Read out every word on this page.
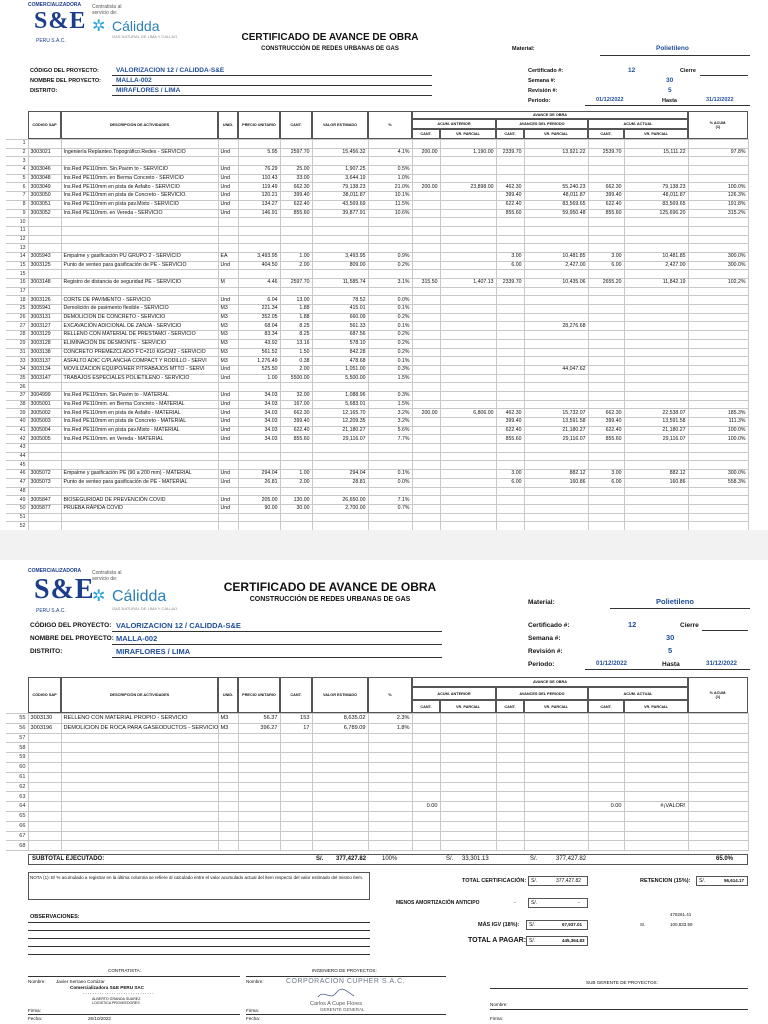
COMERCIALIZADORA
S&E
PERU S.A.C.
Contratista al servicio de:
✲ Cálidda
GAS NATURAL DE LIMA Y CALLAO	CERTIFICADO DE AVANCE DE OBRA
CONSTRUCCIÓN DE REDES URBANAS DE GAS	Material:	Polietileno
CÓDIGO DEL PROYECTO:	VALORIZACION 12 / CALIDDA-S&E
NOMBRE DEL PROYECTO: MALLA-002
DISTRITO:	MIRAFLORES / LIMA
Certificado #:	12	Cierre
Semana #:	30
Revisión #:	5
Periodo:	01/12/2022	Hasta	31/12/2022
CÓDIGO SAP	DESCRIPCIÓN DE ACTIVIDADES	UNID.	PRECIO UNITARIO	CANT.	VALOR ESTIMADO	%
AVANCE DE OBRA
ACUM. ANTERIOR	AVANCES DEL PERIODO	ACUM. ACTUAL
CANT.	VR. PARCIAL	CANT.	VR. PARCIAL	CANT.	VR. PARCIAL
% ACUM.
(1)
1														
2	3003021	Ingeniería Replanteo.Topográfico.Redes - SERVICIO	Und	5.95	2597.70	15,456.32	4.1%	200.00	1,190.00	2339.70	13,921.22	2539.70	15,111.22	97.8%
3														
4	3003046	Ins.Red PE110mm. Sin.Pavim to - SERVICIO	Und	76.29	25.00	1,907.25	0.5%							
5	3003048	Ins.Red PE110mm. en Berma Concreto - SERVICIO	Und	110.43	33.00	3,644.19	1.0%							
6	3003049	Ins.Red PE110mm en pista de Asfalto - SERVICIO	Und	119.49	662.30	79,138.23	21.0%	200.00	23,898.00	462.30	55,240.23	662.30	79,138.23	100.0%
7	3003050	Ins.Red PE110mm en pista de Concreto - SERVICIO.	Und	120.21	399.40	38,011.87	10.1%			399.40	48,011.87	399.40	48,011.87	126.3%
8	3003051	Ins.Red PE110mm en pista pav.Mixto - SERVICIO	Und	134.27	622.40	43,569.69	11.5%			622.40	83,569.65	622.40	83,569.65	191.8%
9	3003052	Ins.Red PE110mm. en Vereda - SERVICIO	Und	146.91	855.60	39,877.91	10.6%			855.60	59,950.48	855.60	125,696.20	315.2%
10														
11														
12														
13														
14	3005943	Empalme y gasificación PU GRUPO 2 - SERVICIO	EA	3,493.95	1.00	3,493.95	0.9%			3.00	10,481.85	3.00	10,481.85	300.0%
15	3003125	Punto de venteo para gasificación de PE - SERVICIO	Und	404.50	2.00	809.00	0.2%			6.00	2,427.00	6.00	2,427.00	300.0%
15														
16	3003148	Registro de distancia de seguridad PE - SERVICIO	M	4.46	2597.70	11,585.74	3.1%	315.50	1,407.13	2339.70	10,435.06	2655.20	11,842.19	102.2%
17														
18	3003126	CORTE DE PAVIMENTO - SERVICIO	Und	6.04	13.00	78.52	0.0%							
25	3005941	Demolición de pavimento flexible - SERVICIO	M3	221.34	1.88	415.01	0.1%							
26	3003131	DEMOLICION DE CONCRETO - SERVICIO	M3	352.05	1.88	660.09	0.2%							
27	3003127	EXCAVACIÓN ADICIONAL DE ZANJA - SERVICIO	M3	68.04	8.25	561.33	0.1%				28,276.68			
28	3003129	RELLENO CON MATERIAL DE PRESTAMO - SERVICIO	M3	83.34	8.25	687.56	0.2%							
29	3003128	ELIMINACIÓN DE DESMONTE - SERVICIO	M3	43.92	13.16	578.10	0.2%							
31	3003138	CONCRETO PREMEZCLADO F'C=210 KG/CM2 - SERVICIO	M3	561.52	1.50	842.28	0.2%							
33	3003137	ASFALTO ADIC C/PLANCHA COMPACT Y RODILLO - SERVI	M3	1,276.49	0.38	478.68	0.1%							
34	3003134	MOVILIZACION EQUIPO/HER P/TRABAJOS MTTO - SERVI	Und	525.50	2.00	1,051.00	0.3%				44,047.62			
35	3003147	TRABAJOS ESPECIALES POLIETILENO - SERVICIO	Und	1.00	5500.00	5,500.00	1.5%							
36														
37	3004999	Ins.Red PE110mm. Sin.Pavim to - MATERIAL	Und	34.03	32.00	1,088.96	0.3%							
38	3005001	Ins.Red PE110mm. en Berma Concreto - MATERIAL	Und	34.03	167.00	5,683.01	1.5%							
39	3005002	Ins.Red PE110mm en pista de Asfalto - MATERIAL	Und	34.03	662.30	12,165.70	3.2%	200.00	6,806.00	462.30	15,732.07	662.30	22,538.07	185.3%
40	3005003	Ins.Red PE110mm en pista de Concreto - MATERIAL	Und	34.03	399.40	12,209.35	3.2%			399.40	13,591.58	399.40	13,591.58	111.3%
41	3005004	Ins.Red PE110mm en pista pav.Mixto - MATERIAL	Und	34.03	622.40	21,180.27	5.6%			622.40	21,180.27	622.40	21,180.27	100.0%
42	3005005	Ins.Red PE110mm. en Vereda - MATERIAL	Und	34.03	855.60	29,116.07	7.7%			855.60	29,116.07	855.60	29,116.07	100.0%
43														
44														
45														
46	3005072	Empalme y gasificación PE (90 a 200 mm) - MATERIAL	Und	294.04	1.00	294.04	0.1%			3.00	882.12	3.00	882.12	300.0%
47	3005073	Punto de venteo para gasificación de PE - MATERIAL	Und	26.81	2.00	28.81	0.0%			6.00	160.86	6.00	160.86	558.3%
48														
49	3005847	BIOSEGURIDAD DE PREVENCIÓN COVID	Und	205.00	130.00	26,650.00	7.1%							
50	3005877	PRUEBA RÁPIDA COVID	Und	90.00	30.00	2,700.00	0.7%							
51														
52														

COMERCIALIZADORA
S&E
PERU S.A.C.
Contratista al servicio de:
✲ Cálidda
GAS NATURAL DE LIMA Y CALLAO
CERTIFICADO DE AVANCE DE OBRA
CONSTRUCCIÓN DE REDES URBANAS DE GAS	Material:	Polietileno
CÓDIGO DEL PROYECTO: VALORIZACION 12 / CALIDDA-S&E
NOMBRE DEL PROYECTO: MALLA-002
DISTRITO:	MIRAFLORES / LIMA
Certificado #:	12	Cierre
Semana #:	30
Revisión #:	5
Periodo:	01/12/2022	Hasta	31/12/2022
CÓDIGO SAP	DESCRIPCIÓN DE ACTIVIDADES	UNID.	PRECIO UNITARIO	CANT.	VALOR ESTIMADO	%
AVANCE DE OBRA
ACUM. ANTERIOR	AVANCES DEL PERIODO	ACUM. ACTUAL
CANT.	VR. PARCIAL	CANT.	VR. PARCIAL	CANT.	VR. PARCIAL
% ACUM.
(1)
55	3003130	RELLENO CON MATERIAL PROPIO - SERVICIO	M3	56.37	153	8,635.02	2.3%							
56	3003196	DEMOLICION DE ROCA PARA GASEODUCTOS - SERVICIO	M3	396.27	17	6,789.09	1.8%							
57														
58														
59														
60														
61														
62														
63														
64								0.00				0.00	#¡VALOR!	
65														
66														
67														
68														
SUBTOTAL EJECUTADO:	S/. 377,427.82	100%	S/. 33,301.13	S/.	377,427.82	65.0%
NOTA (1): El % acumulado a registrar en la última columna se refiere al calculado entre el valor acumulado actual del ítem respecto del valor estimado del mismo ítem.
TOTAL CERTIFICACIÓN: S/.	377,427.82	RETENCION (15%): S/.	56,614.17
MENOS AMORTIZACIÓN ANTICIPO	-	S/.	-
478261.41
S/.	100,833.59
OBSERVACIONES:
MÁS IGV (18%): S/.	67,937.01
TOTAL A PAGAR: S/.	445,364.83
CONTRATISTA:
Nombre: Javier Serrano Cortázar
Comercializadora S&E PERU SAC
..............................
ALBERTO GRANDA SUAREZ
LOGISTICA PROVEEDORES
Firma:
Fecha:	26/10/2022
INGENIERO DE PROYECTOS:
Nombre:	CORPORACION CUPHER S.A.C.
Carlos A Cupe Flores
GERENTE GENERAL
Firma:
Fecha:
SUB GERENTE DE PROYECTOS:
Nombre:
Firma:
